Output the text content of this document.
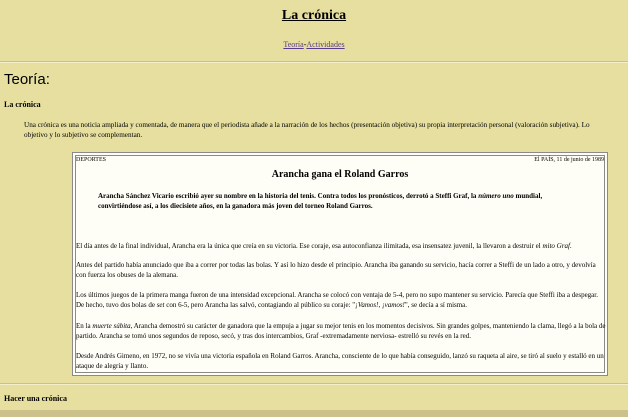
La crónica
Teoría-Actividades
Teoría:
La crónica
Una crónica es una noticia ampliada y comentada, de manera que el periodista añade a la narración de los hechos (presentación objetiva) su propia interpretación personal (valoración subjetiva). Lo objetivo y lo subjetivo se complementan.
DEPORTES	El PAÍS, 11 de junio de 1989
Arancha gana el Roland Garros
Arancha Sánchez Vicario escribió ayer su nombre en la historia del tenis. Contra todos los pronósticos, derrotó a Steffi Graf, la número uno mundial, convirtiéndose así, a los diecisiete años, en la ganadora más joven del torneo Roland Garros.
El día antes de la final individual, Arancha era la única que creía en su victoria. Ese coraje, esa autoconfianza ilimitada, esa insensatez juvenil, la llevaron a destruir el mito Graf.
Antes del partido había anunciado que iba a correr por todas las bolas. Y así lo hizo desde el principio. Arancha iba ganando su servicio, hacía correr a Steffi de un lado a otro, y devolvía con fuerza los obuses de la alemana.
Los últimos juegos de la primera manga fueron de una intensidad excepcional. Arancha se colocó con ventaja de 5-4, pero no supo mantener su servicio. Parecía que Steffi iba a despegar. De hecho, tuvo dos bolas de set con 6-5, pero Arancha las salvó, contagiando al público su coraje: "¡Vamos!, ¡vamos!", se decía a sí misma.
En la muerte súbita, Arancha demostró su carácter de ganadora que la empuja a jugar su mejor tenis en los momentos decisivos. Sin grandes golpes, manteniendo la clama, llegó a la bola de partido. Arancha se tomó unos segundos de reposo, secó, y tras dos intercambios, Graf -extremadamente nerviosa- estrelló su revés en la red.
Desde Andrés Gimeno, en 1972, no se vivía una victoria española en Roland Garros. Arancha, consciente de lo que había conseguido, lanzó su raqueta al aire, se tiró al suelo y estalló en un ataque de alegría y llanto.
Hacer una crónica
